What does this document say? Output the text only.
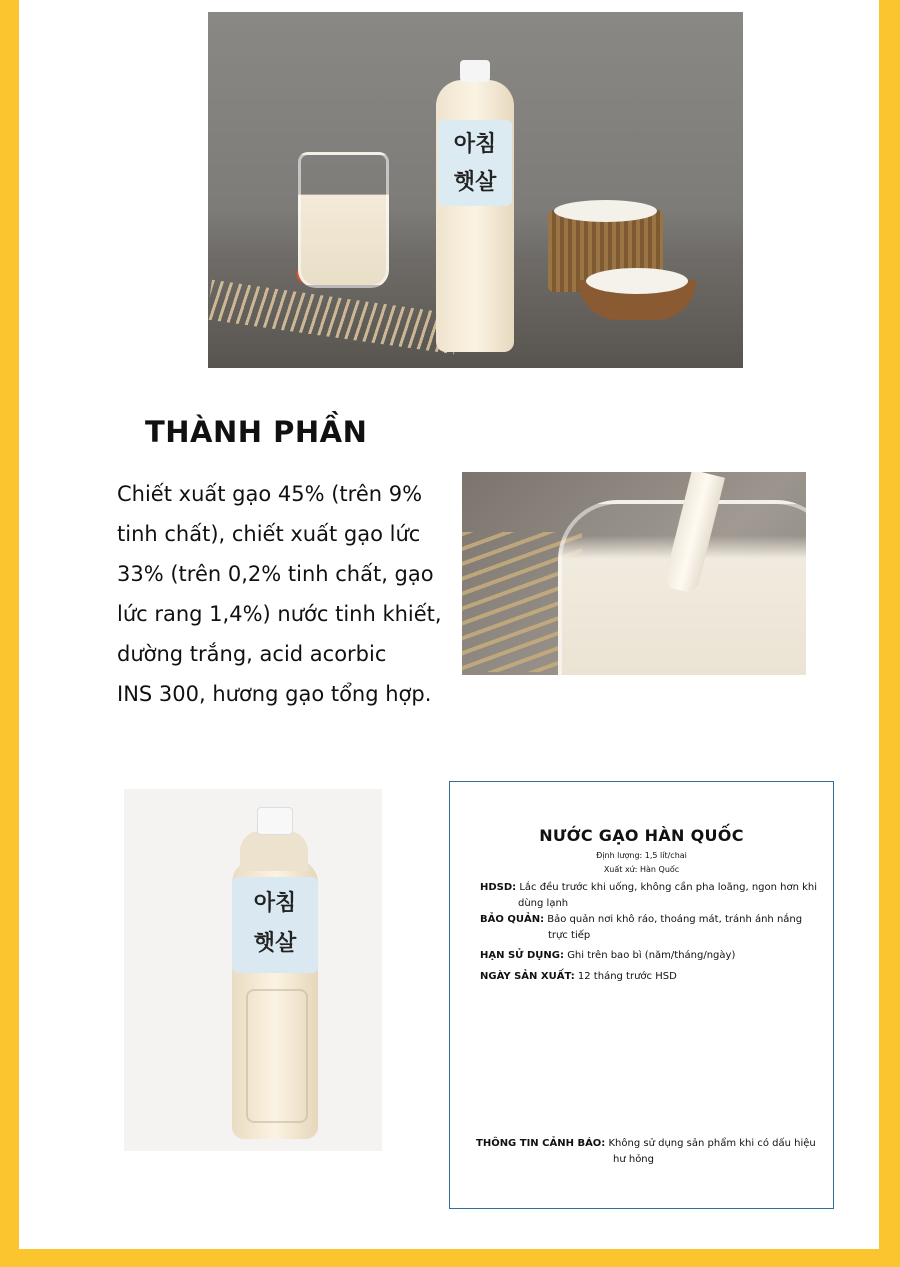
아침
햇살
THÀNH PHẦN
Chiết xuất gạo 45% (trên 9%
tinh chất), chiết xuất gạo lức
33% (trên 0,2% tinh chất, gạo
lức rang 1,4%) nước tinh khiết,
dường trắng, acid acorbic
INS 300, hương gạo tổng hợp.
아침
햇살
NƯỚC GẠO HÀN QUỐC
Định lượng: 1,5 lít/chai
Xuất xứ: Hàn Quốc
HDSD: Lắc đều trước khi uống, không cần pha loãng, ngon hơn khi
dùng lạnh
BẢO QUẢN: Bảo quản nơi khô ráo, thoáng mát, tránh ánh nắng
trực tiếp
HẠN SỬ DỤNG: Ghi trên bao bì (năm/tháng/ngày)
NGÀY SẢN XUẤT: 12 tháng trước HSD
THÔNG TIN CẢNH BÁO: Không sử dụng sản phẩm khi có dấu hiệu
hư hỏng
